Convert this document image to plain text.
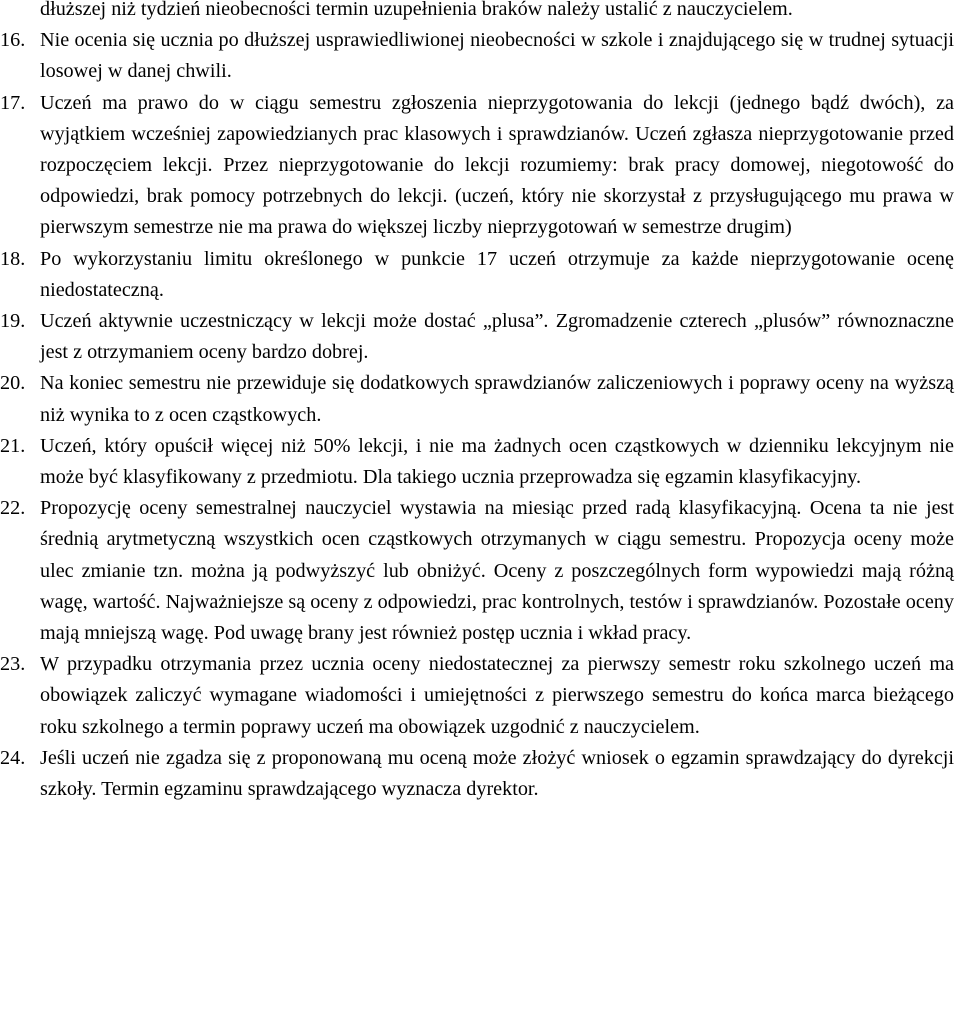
dłuższej niż tydzień nieobecności termin uzupełnienia braków należy ustalić z nauczycielem.
16. Nie ocenia się ucznia po dłuższej usprawiedliwionej nieobecności w szkole i znajdującego się w trudnej sytuacji losowej w danej chwili.
17. Uczeń ma prawo do w ciągu semestru zgłoszenia nieprzygotowania do lekcji (jednego bądź dwóch), za wyjątkiem wcześniej zapowiedzianych prac klasowych i sprawdzianów. Uczeń zgłasza nieprzygotowanie przed rozpoczęciem lekcji. Przez nieprzygotowanie do lekcji rozumiemy: brak pracy domowej, niegotowość do odpowiedzi, brak pomocy potrzebnych do lekcji. (uczeń, który nie skorzystał z przysługującego mu prawa w pierwszym semestrze nie ma prawa do większej liczby nieprzygotowań w semestrze drugim)
18. Po wykorzystaniu limitu określonego w punkcie 17 uczeń otrzymuje za każde nieprzygotowanie ocenę niedostateczną.
19. Uczeń aktywnie uczestniczący w lekcji może dostać „plusa”. Zgromadzenie czterech „plusów” równoznaczne jest z otrzymaniem oceny bardzo dobrej.
20. Na koniec semestru nie przewiduje się dodatkowych sprawdzianów zaliczeniowych i poprawy oceny na wyższą niż wynika to z ocen cząstkowych.
21. Uczeń, który opuścił więcej niż 50% lekcji, i nie ma żadnych ocen cząstkowych w dzienniku lekcyjnym nie może być klasyfikowany z przedmiotu. Dla takiego ucznia przeprowadza się egzamin klasyfikacyjny.
22. Propozycję oceny semestralnej nauczyciel wystawia na miesiąc przed radą klasyfikacyjną. Ocena ta nie jest średnią arytmetyczną wszystkich ocen cząstkowych otrzymanych w ciągu semestru. Propozycja oceny może ulec zmianie tzn. można ją podwyższyć lub obniżyć. Oceny z poszczególnych form wypowiedzi mają różną wagę, wartość. Najważniejsze są oceny z odpowiedzi, prac kontrolnych, testów i sprawdzianów. Pozostałe oceny mają mniejszą wagę. Pod uwagę brany jest również postęp ucznia i wkład pracy.
23. W przypadku otrzymania przez ucznia oceny niedostatecznej za pierwszy semestr roku szkolnego uczeń ma obowiązek zaliczyć wymagane wiadomości i umiejętności z pierwszego semestru do końca marca bieżącego roku szkolnego a termin poprawy uczeń ma obowiązek uzgodnić z nauczycielem.
24. Jeśli uczeń nie zgadza się z proponowaną mu oceną może złożyć wniosek o egzamin sprawdzający do dyrekcji szkoły. Termin egzaminu sprawdzającego wyznacza dyrektor.
